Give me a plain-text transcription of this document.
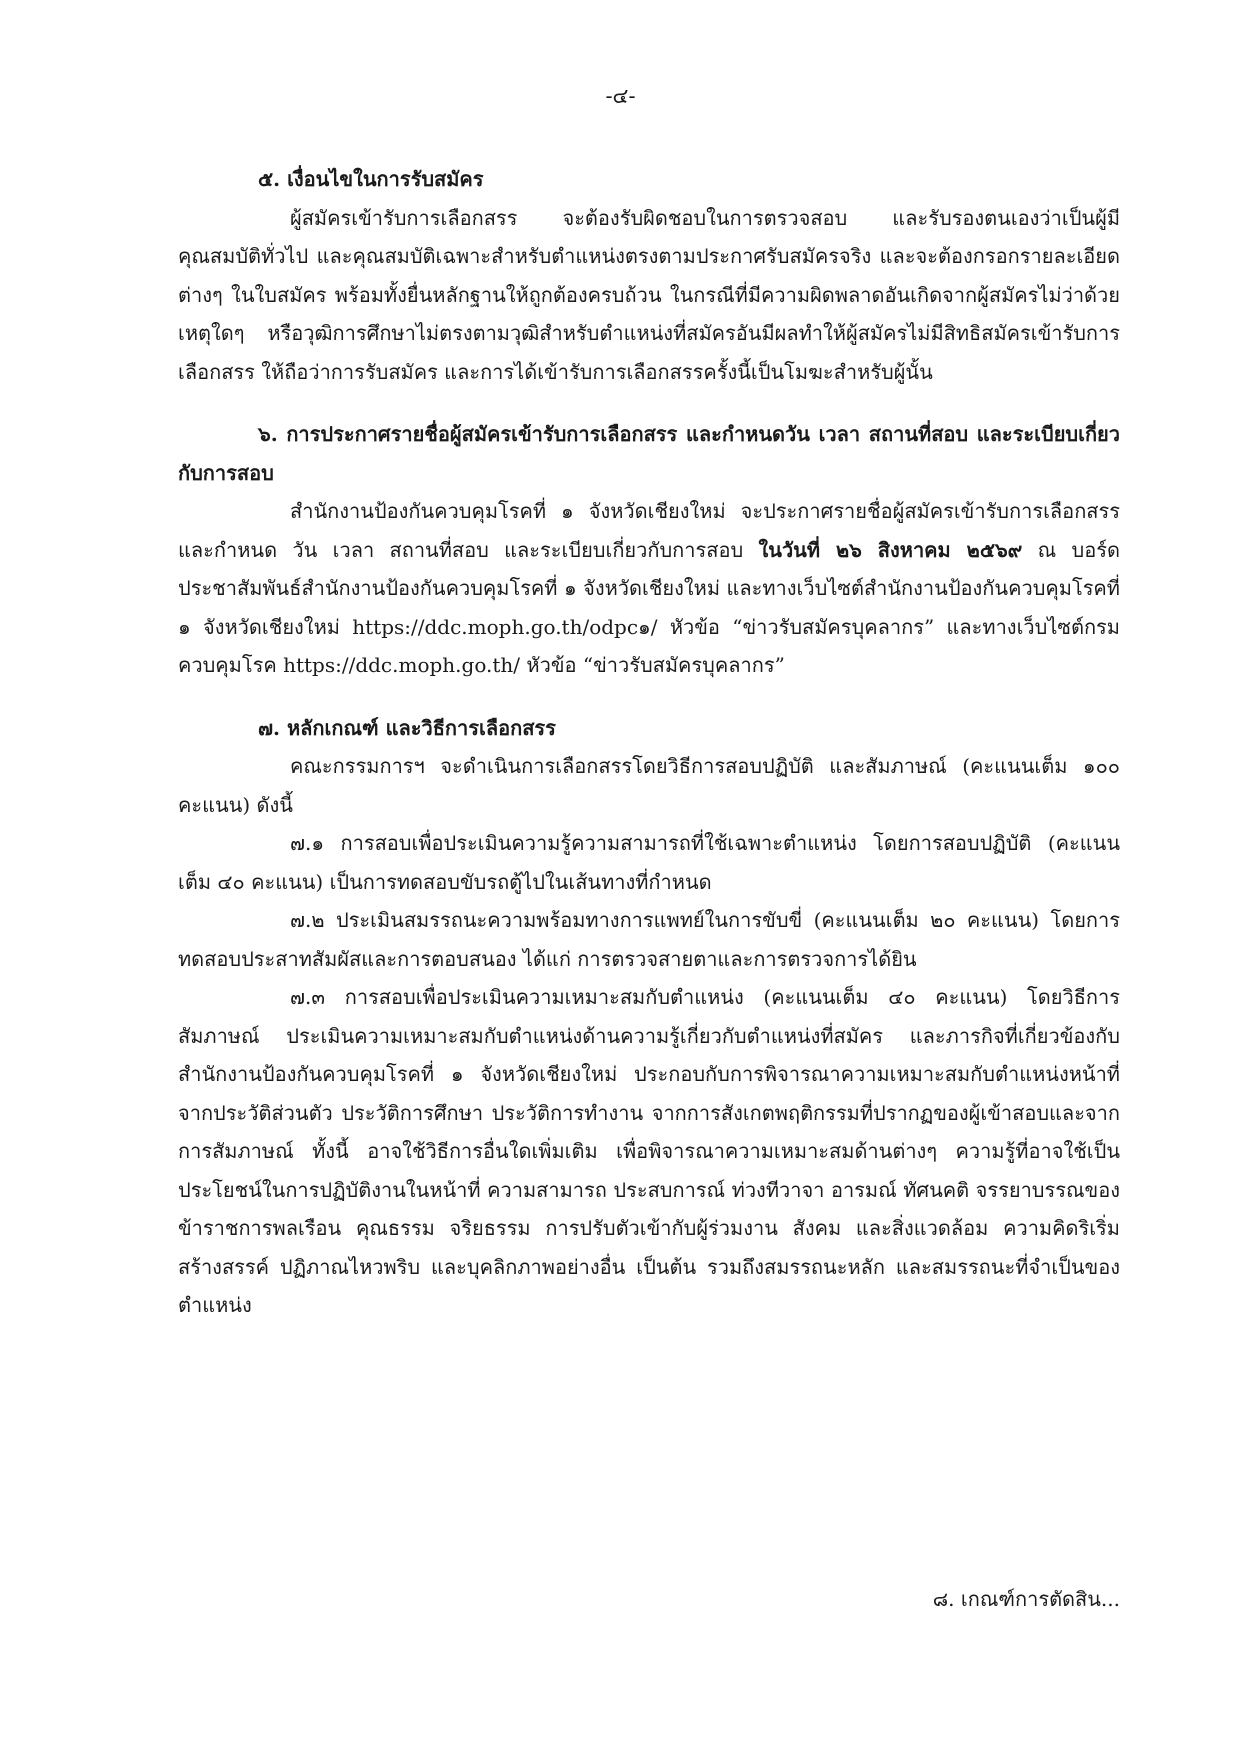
-๔-

๕. เงื่อนไขในการรับสมัคร

ผู้สมัครเข้ารับการเลือกสรร จะต้องรับผิดชอบในการตรวจสอบ และรับรองตนเองว่าเป็นผู้มีคุณสมบัติทั่วไป และคุณสมบัติเฉพาะสำหรับตำแหน่งตรงตามประกาศรับสมัครจริง และจะต้องกรอกรายละเอียดต่างๆ ในใบสมัคร พร้อมทั้งยื่นหลักฐานให้ถูกต้องครบถ้วน ในกรณีที่มีความผิดพลาดอันเกิดจากผู้สมัครไม่ว่าด้วยเหตุใดๆ หรือวุฒิการศึกษาไม่ตรงตามวุฒิสำหรับตำแหน่งที่สมัครอันมีผลทำให้ผู้สมัครไม่มีสิทธิสมัครเข้ารับการเลือกสรร ให้ถือว่าการรับสมัคร และการได้เข้ารับการเลือกสรรครั้งนี้เป็นโมฆะสำหรับผู้นั้น

๖. การประกาศรายชื่อผู้สมัครเข้ารับการเลือกสรร และกำหนดวัน เวลา สถานที่สอบ และระเบียบเกี่ยวกับการสอบ

สำนักงานป้องกันควบคุมโรคที่ ๑ จังหวัดเชียงใหม่ จะประกาศรายชื่อผู้สมัครเข้ารับการเลือกสรร และกำหนด วัน เวลา สถานที่สอบ และระเบียบเกี่ยวกับการสอบ ในวันที่ ๒๖ สิงหาคม ๒๕๖๙ ณ บอร์ดประชาสัมพันธ์สำนักงานป้องกันควบคุมโรคที่ ๑ จังหวัดเชียงใหม่ และทางเว็บไซต์สำนักงานป้องกันควบคุมโรคที่ ๑ จังหวัดเชียงใหม่ https://ddc.moph.go.th/odpc๑/ หัวข้อ “ข่าวรับสมัครบุคลากร” และทางเว็บไซต์กรมควบคุมโรค https://ddc.moph.go.th/ หัวข้อ “ข่าวรับสมัครบุคลากร”

๗. หลักเกณฑ์ และวิธีการเลือกสรร

คณะกรรมการฯ จะดำเนินการเลือกสรรโดยวิธีการสอบปฏิบัติ และสัมภาษณ์ (คะแนนเต็ม ๑๐๐ คะแนน) ดังนี้

๗.๑ การสอบเพื่อประเมินความรู้ความสามารถที่ใช้เฉพาะตำแหน่ง โดยการสอบปฏิบัติ (คะแนนเต็ม ๔๐ คะแนน) เป็นการทดสอบขับรถตู้ไปในเส้นทางที่กำหนด

๗.๒ ประเมินสมรรถนะความพร้อมทางการแพทย์ในการขับขี่ (คะแนนเต็ม ๒๐ คะแนน) โดยการทดสอบประสาทสัมผัสและการตอบสนอง ได้แก่ การตรวจสายตาและการตรวจการได้ยิน

๗.๓ การสอบเพื่อประเมินความเหมาะสมกับตำแหน่ง (คะแนนเต็ม ๔๐ คะแนน) โดยวิธีการสัมภาษณ์ ประเมินความเหมาะสมกับตำแหน่งด้านความรู้เกี่ยวกับตำแหน่งที่สมัคร และภารกิจที่เกี่ยวข้องกับสำนักงานป้องกันควบคุมโรคที่ ๑ จังหวัดเชียงใหม่ ประกอบกับการพิจารณาความเหมาะสมกับตำแหน่งหน้าที่ จากประวัติส่วนตัว ประวัติการศึกษา ประวัติการทำงาน จากการสังเกตพฤติกรรมที่ปรากฏของผู้เข้าสอบและจากการสัมภาษณ์ ทั้งนี้ อาจใช้วิธีการอื่นใดเพิ่มเติม เพื่อพิจารณาความเหมาะสมด้านต่างๆ ความรู้ที่อาจใช้เป็นประโยชน์ในการปฏิบัติงานในหน้าที่ ความสามารถ ประสบการณ์ ท่วงทีวาจา อารมณ์ ทัศนคติ จรรยาบรรณของข้าราชการพลเรือน คุณธรรม จริยธรรม การปรับตัวเข้ากับผู้ร่วมงาน สังคม และสิ่งแวดล้อม ความคิดริเริ่มสร้างสรรค์ ปฏิภาณไหวพริบ และบุคลิกภาพอย่างอื่น เป็นต้น รวมถึงสมรรถนะหลัก และสมรรถนะที่จำเป็นของตำแหน่ง

๘. เกณฑ์การตัดสิน...
